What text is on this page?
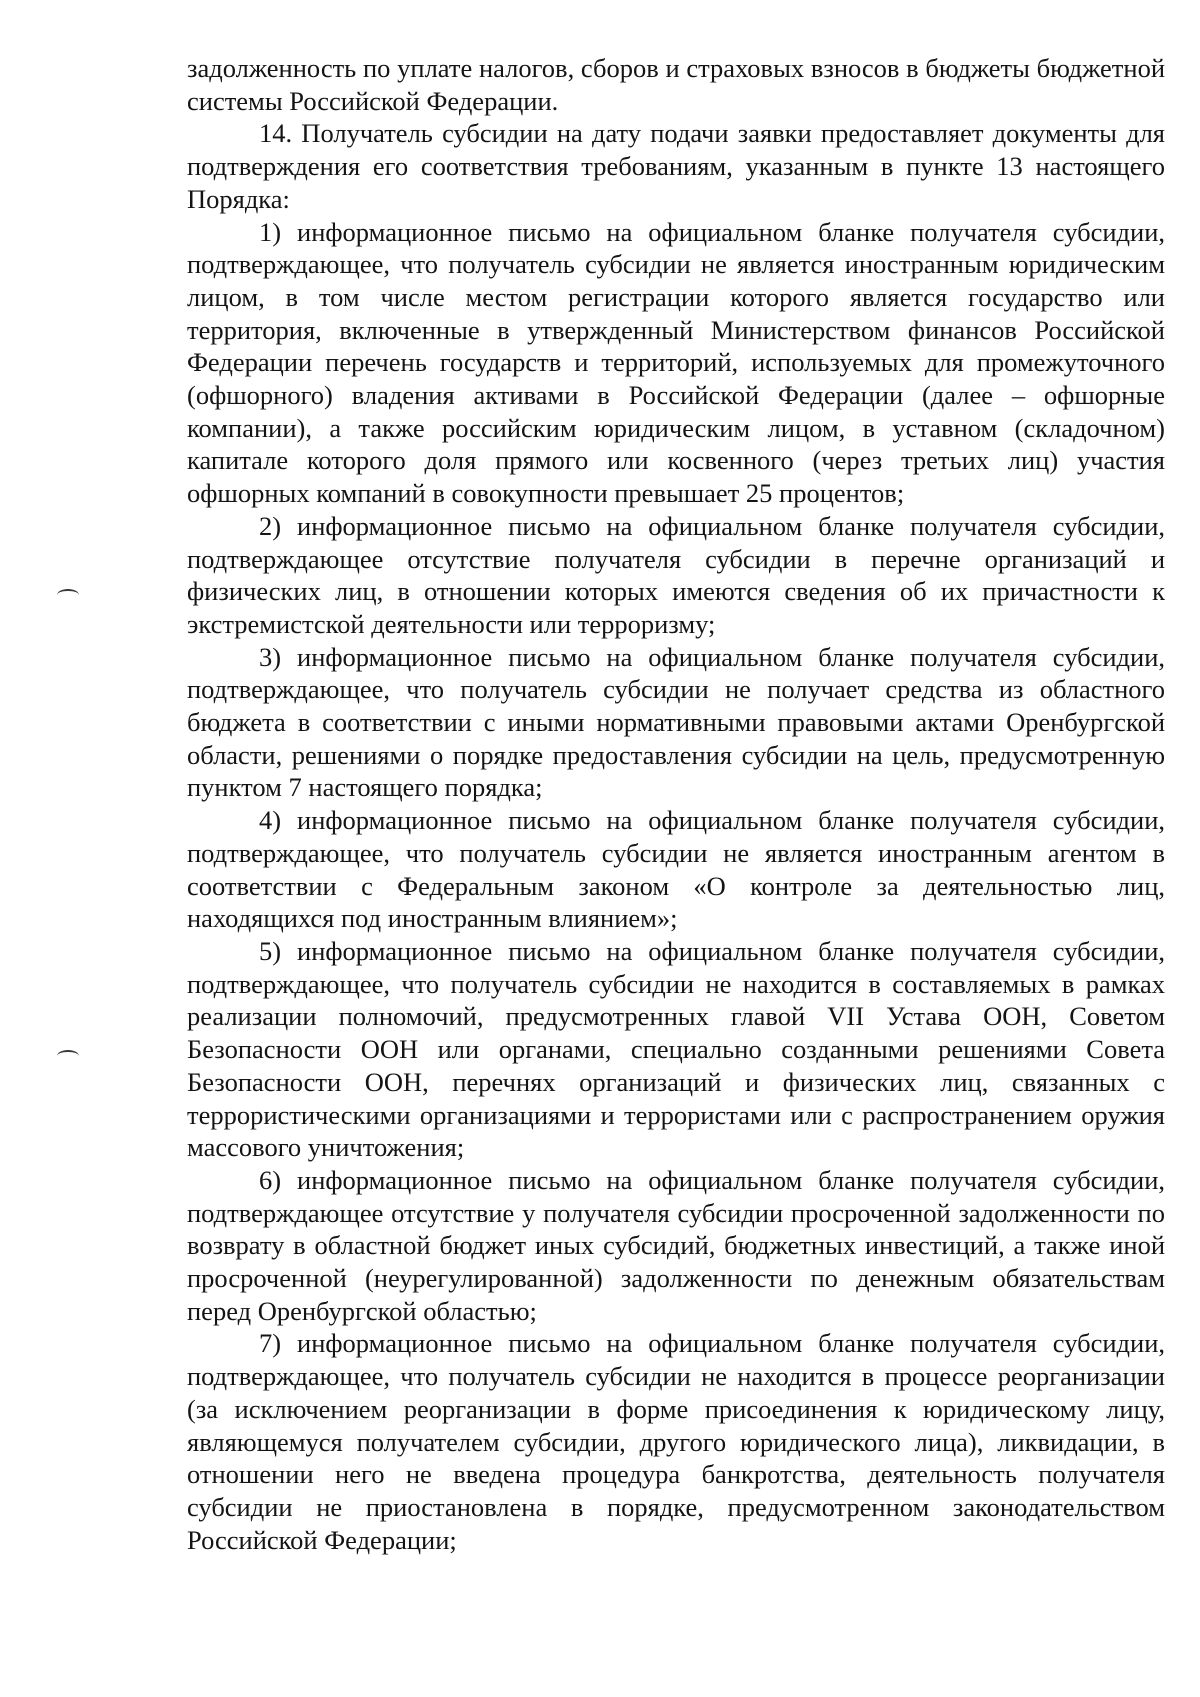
задолженность по уплате налогов, сборов и страховых взносов в бюджеты бюджетной системы Российской Федерации.

14. Получатель субсидии на дату подачи заявки предоставляет документы для подтверждения его соответствия требованиям, указанным в пункте 13 настоящего Порядка:

1) информационное письмо на официальном бланке получателя субсидии, подтверждающее, что получатель субсидии не является иностранным юридическим лицом, в том числе местом регистрации которого является государство или территория, включенные в утвержденный Министерством финансов Российской Федерации перечень государств и территорий, используемых для промежуточного (офшорного) владения активами в Российской Федерации (далее – офшорные компании), а также российским юридическим лицом, в уставном (складочном) капитале которого доля прямого или косвенного (через третьих лиц) участия офшорных компаний в совокупности превышает 25 процентов;

2) информационное письмо на официальном бланке получателя субсидии, подтверждающее отсутствие получателя субсидии в перечне организаций и физических лиц, в отношении которых имеются сведения об их причастности к экстремистской деятельности или терроризму;

3) информационное письмо на официальном бланке получателя субсидии, подтверждающее, что получатель субсидии не получает средства из областного бюджета в соответствии с иными нормативными правовыми актами Оренбургской области, решениями о порядке предоставления субсидии на цель, предусмотренную пунктом 7 настоящего порядка;

4) информационное письмо на официальном бланке получателя субсидии, подтверждающее, что получатель субсидии не является иностранным агентом в соответствии с Федеральным законом «О контроле за деятельностью лиц, находящихся под иностранным влиянием»;

5) информационное письмо на официальном бланке получателя субсидии, подтверждающее, что получатель субсидии не находится в составляемых в рамках реализации полномочий, предусмотренных главой VII Устава ООН, Советом Безопасности ООН или органами, специально созданными решениями Совета Безопасности ООН, перечнях организаций и физических лиц, связанных с террористическими организациями и террористами или с распространением оружия массового уничтожения;

6) информационное письмо на официальном бланке получателя субсидии, подтверждающее отсутствие у получателя субсидии просроченной задолженности по возврату в областной бюджет иных субсидий, бюджетных инвестиций, а также иной просроченной (неурегулированной) задолженности по денежным обязательствам перед Оренбургской областью;

7) информационное письмо на официальном бланке получателя субсидии, подтверждающее, что получатель субсидии не находится в процессе реорганизации (за исключением реорганизации в форме присоединения к юридическому лицу, являющемуся получателем субсидии, другого юридического лица), ликвидации, в отношении него не введена процедура банкротства, деятельность получателя субсидии не приостановлена в порядке, предусмотренном законодательством Российской Федерации;
